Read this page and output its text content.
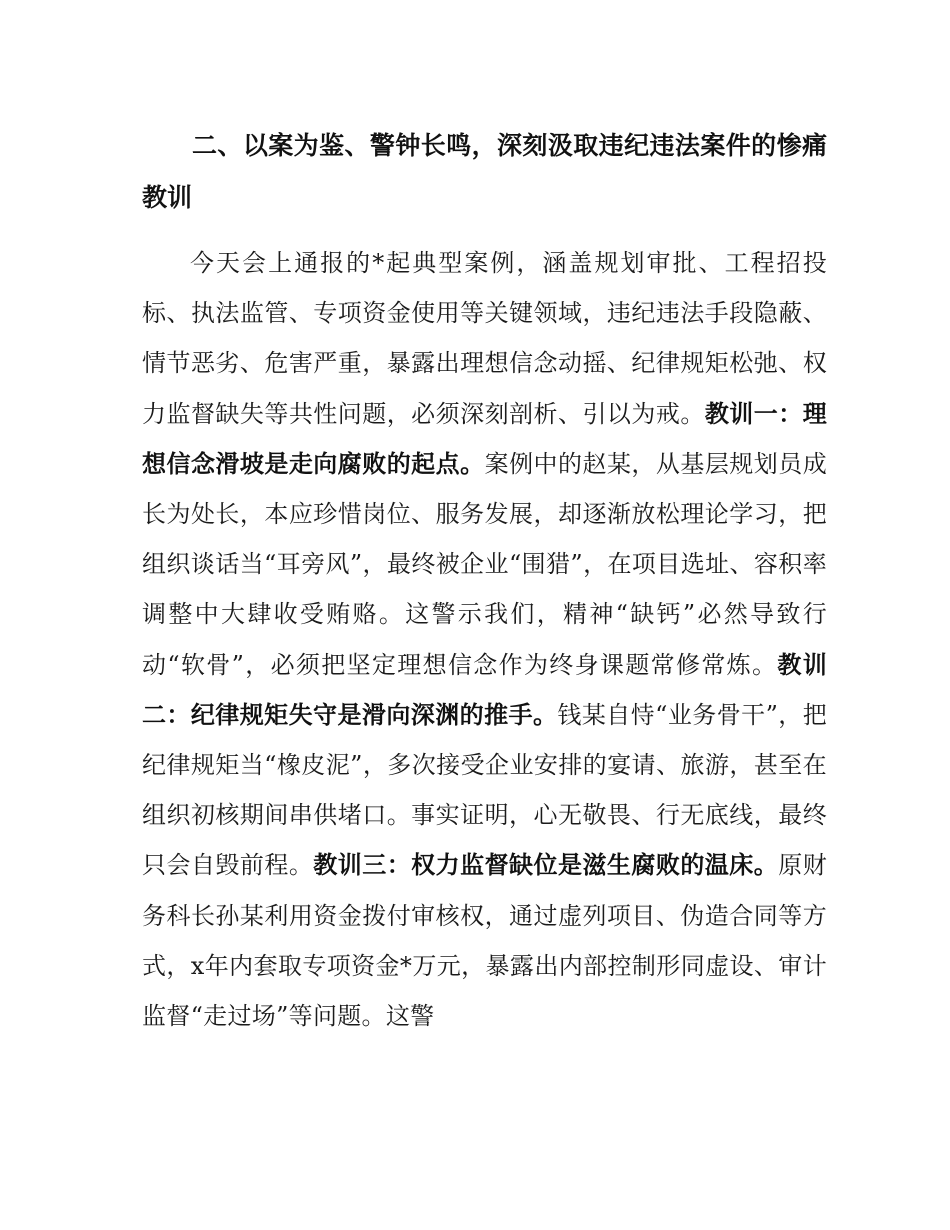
二、以案为鉴、警钟长鸣，深刻汲取违纪违法案件的惨痛教训

今天会上通报的*起典型案例，涵盖规划审批、工程招投标、执法监管、专项资金使用等关键领域，违纪违法手段隐蔽、情节恶劣、危害严重，暴露出理想信念动摇、纪律规矩松弛、权力监督缺失等共性问题，必须深刻剖析、引以为戒。教训一：理想信念滑坡是走向腐败的起点。案例中的赵某，从基层规划员成长为处长，本应珍惜岗位、服务发展，却逐渐放松理论学习，把组织谈话当“耳旁风”，最终被企业“围猎”，在项目选址、容积率调整中大肆收受贿赂。这警示我们，精神“缺钙”必然导致行动“软骨”，必须把坚定理想信念作为终身课题常修常炼。教训二：纪律规矩失守是滑向深渊的推手。钱某自恃“业务骨干”，把纪律规矩当“橡皮泥”，多次接受企业安排的宴请、旅游，甚至在组织初核期间串供堵口。事实证明，心无敬畏、行无底线，最终只会自毁前程。教训三：权力监督缺位是滋生腐败的温床。原财务科长孙某利用资金拨付审核权，通过虚列项目、伪造合同等方式，x年内套取专项资金*万元，暴露出内部控制形同虚设、审计监督“走过场”等问题。这警
